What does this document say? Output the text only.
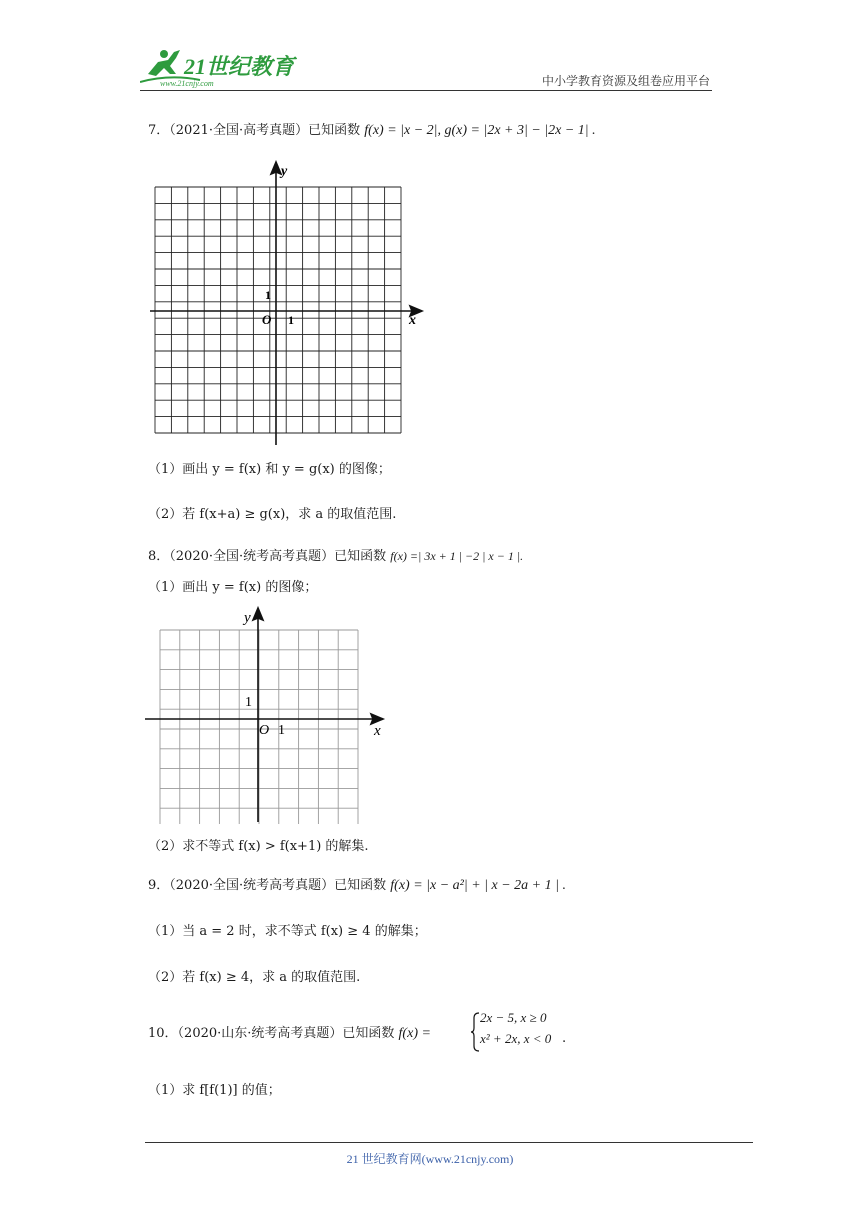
21世纪教育
www.21cnjy.com	中小学教育资源及组卷应用平台
7．（2021·全国·高考真题）已知函数 f(x) = |x − 2|, g(x) = |2x + 3| − |2x − 1| .
y
x
O 1
1
（1）画出 y = f(x) 和 y = g(x) 的图像；
（2）若 f(x+a) ≥ g(x)，求 a 的取值范围.
8．（2020·全国·统考高考真题）已知函数 f(x) =| 3x + 1 | −2 | x − 1 |.
（1）画出 y = f(x) 的图像；
y
x
O 1
1
（2）求不等式 f(x) > f(x+1) 的解集.
9．（2020·全国·统考高考真题）已知函数 f(x) = |x − a²| + | x − 2a + 1 | .
（1）当 a = 2 时，求不等式 f(x) ≥ 4 的解集；
（2）若 f(x) ≥ 4，求 a 的取值范围.
10．（2020·山东·统考高考真题）已知函数 f(x) =
2x − 5, x ≥ 0
x² + 2x, x < 0 .
（1）求 f[f(1)] 的值；
21 世纪教育网(www.21cnjy.com)
